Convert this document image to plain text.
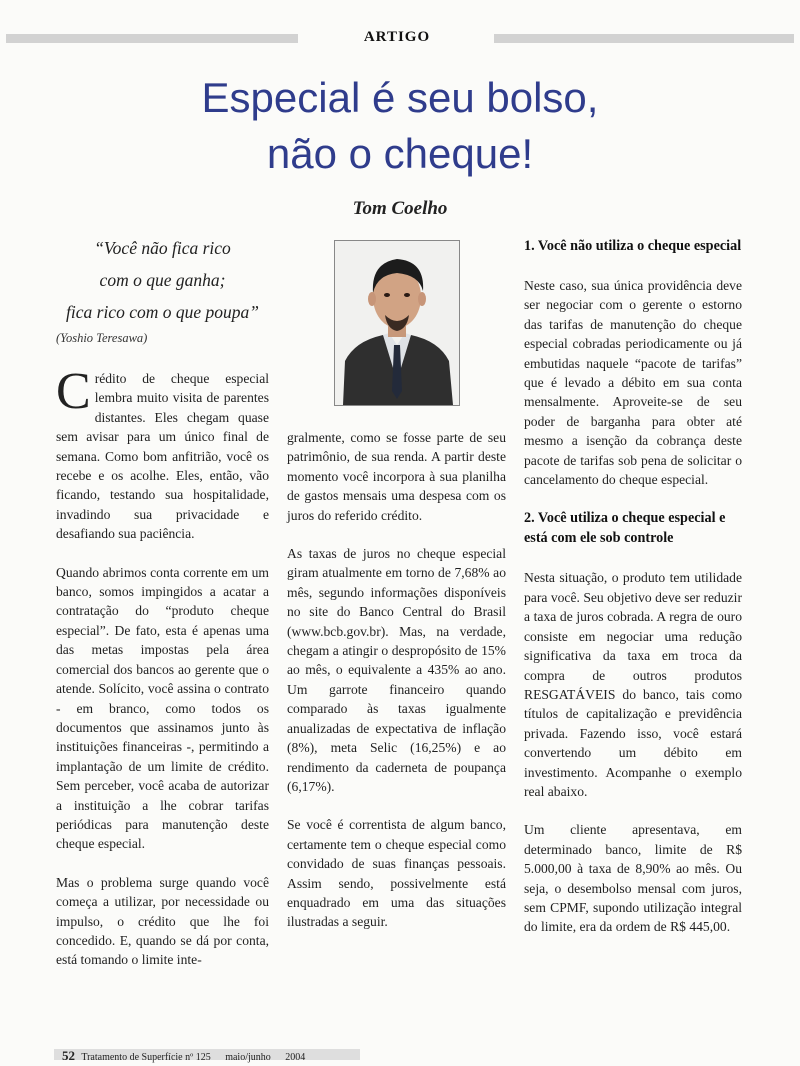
ARTIGO
Especial é seu bolso,
não o cheque!
Tom Coelho
“Você não fica rico
com o que ganha;
fica rico com o que poupa”
(Yoshio Teresawa)

Crédito de cheque especial lembra muito visita de parentes distantes. Eles chegam quase sem avisar para um único final de semana. Como bom anfitrião, você os recebe e os acolhe. Eles, então, vão ficando, testando sua hospitalidade, invadindo sua privacidade e desafiando sua paciência.

Quando abrimos conta corrente em um banco, somos impingidos a acatar a contratação do “produto cheque especial”. De fato, esta é apenas uma das metas impostas pela área comercial dos bancos ao gerente que o atende. Solícito, você assina o contrato - em branco, como todos os documentos que assinamos junto às instituições financeiras -, permitindo a implantação de um limite de crédito. Sem perceber, você acaba de autorizar a instituição a lhe cobrar tarifas periódicas para manutenção deste cheque especial.

Mas o problema surge quando você começa a utilizar, por necessidade ou impulso, o crédito que lhe foi concedido. E, quando se dá por conta, está tomando o limite inte-

gralmente, como se fosse parte de seu patrimônio, de sua renda. A partir deste momento você incorpora à sua planilha de gastos mensais uma despesa com os juros do referido crédito.

As taxas de juros no cheque especial giram atualmente em torno de 7,68% ao mês, segundo informações disponíveis no site do Banco Central do Brasil (www.bcb.gov.br). Mas, na verdade, chegam a atingir o despropósito de 15% ao mês, o equivalente a 435% ao ano. Um garrote financeiro quando comparado às taxas igualmente anualizadas de expectativa de inflação (8%), meta Selic (16,25%) e ao rendimento da caderneta de poupança (6,17%).

Se você é correntista de algum banco, certamente tem o cheque especial como convidado de suas finanças pessoais. Assim sendo, possivelmente está enquadrado em uma das situações ilustradas a seguir.

1. Você não utiliza o cheque especial

Neste caso, sua única providência deve ser negociar com o gerente o estorno das tarifas de manutenção do cheque especial cobradas periodicamente ou já embutidas naquele “pacote de tarifas” que é levado a débito em sua conta mensalmente. Aproveite-se de seu poder de barganha para obter até mesmo a isenção da cobrança deste pacote de tarifas sob pena de solicitar o cancelamento do cheque especial.

2. Você utiliza o cheque especial e está com ele sob controle

Nesta situação, o produto tem utilidade para você. Seu objetivo deve ser reduzir a taxa de juros cobrada. A regra de ouro consiste em negociar uma redução significativa da taxa em troca da compra de outros produtos RESGATÁVEIS do banco, tais como títulos de capitalização e previdência privada. Fazendo isso, você estará convertendo um débito em investimento. Acompanhe o exemplo real abaixo.

Um cliente apresentava, em determinado banco, limite de R$ 5.000,00 à taxa de 8,90% ao mês. Ou seja, o desembolso mensal com juros, sem CPMF, supondo utilização integral do limite, era da ordem de R$ 445,00.

52 Tratamento de Superfície nº 125 maio/junho 2004
